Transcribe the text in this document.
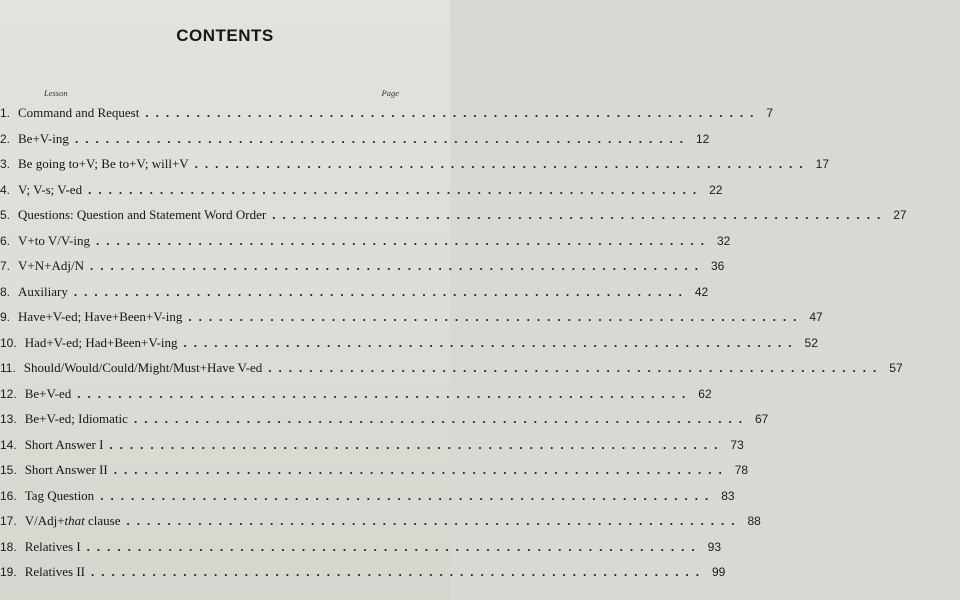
CONTENTS
Lesson	Page
1. Command and Request ............................................................ 7
2. Be+V-ing ............................................................ 12
3. Be going to+V; Be to+V; will+V ............................................................ 17
4. V; V-s; V-ed ............................................................ 22
5. Questions: Question and Statement Word Order ............................................................ 27
6. V+to V/V-ing ............................................................ 32
7. V+N+Adj/N ............................................................ 36
8. Auxiliary ............................................................ 42
9. Have+V-ed; Have+Been+V-ing ............................................................ 47
10. Had+V-ed; Had+Been+V-ing ............................................................ 52
11. Should/Would/Could/Might/Must+Have V-ed ............................................................ 57
12. Be+V-ed ............................................................ 62
13. Be+V-ed; Idiomatic ............................................................ 67
14. Short Answer I ............................................................ 73
15. Short Answer II ............................................................ 78
16. Tag Question ............................................................ 83
17. V/Adj+that clause ............................................................ 88
18. Relatives I ............................................................ 93
19. Relatives II ............................................................ 99
